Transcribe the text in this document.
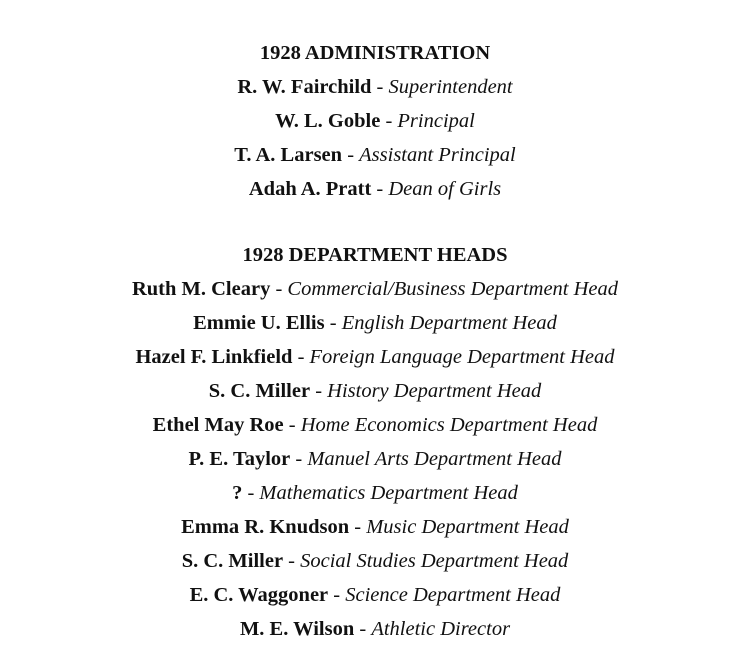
1928 ADMINISTRATION
R. W. Fairchild - Superintendent
W. L. Goble - Principal
T. A. Larsen - Assistant Principal
Adah A. Pratt - Dean of Girls
1928 DEPARTMENT HEADS
Ruth M. Cleary - Commercial/Business Department Head
Emmie U. Ellis - English Department Head
Hazel F. Linkfield - Foreign Language Department Head
S. C. Miller - History Department Head
Ethel May Roe - Home Economics Department Head
P. E. Taylor - Manuel Arts Department Head
? - Mathematics Department Head
Emma R. Knudson - Music Department Head
S. C. Miller - Social Studies Department Head
E. C. Waggoner - Science Department Head
M. E. Wilson - Athletic Director
